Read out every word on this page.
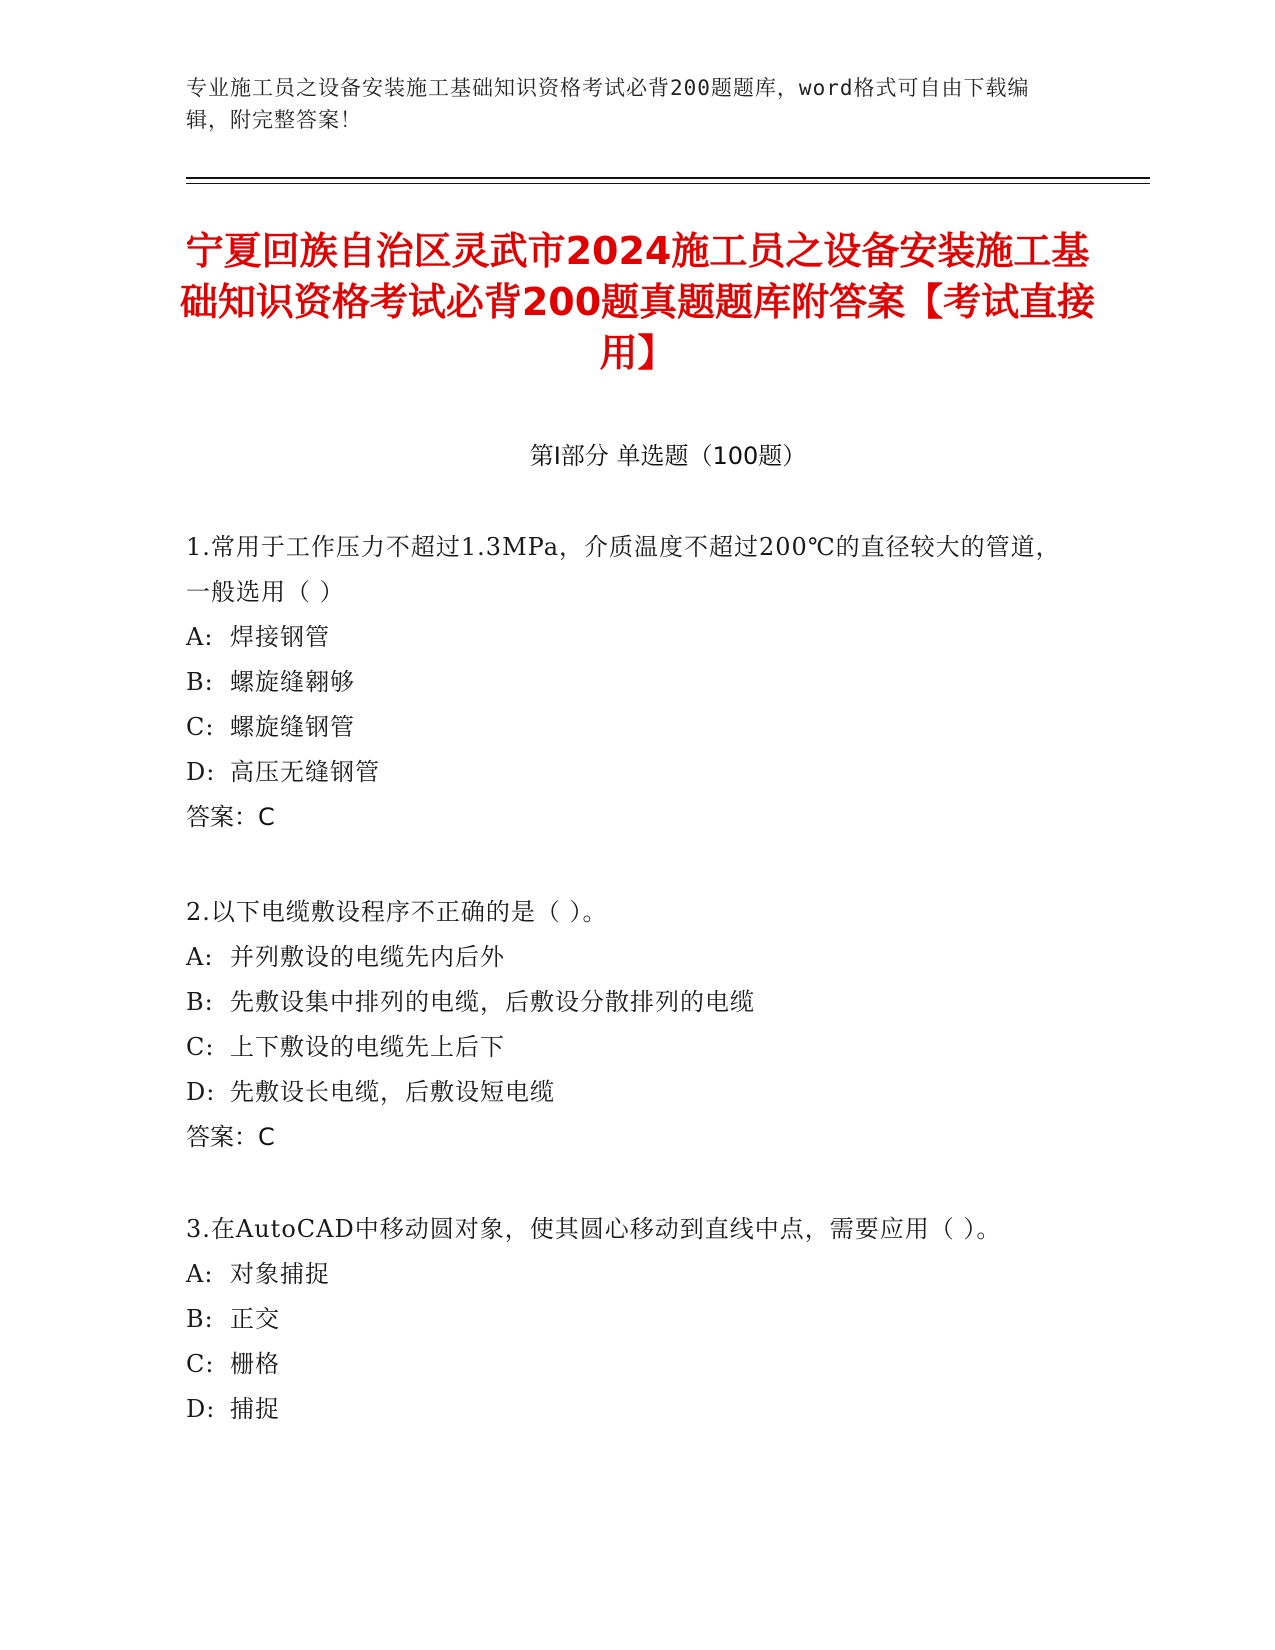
专业施工员之设备安装施工基础知识资格考试必背200题题库，word格式可自由下载编辑，附完整答案！
宁夏回族自治区灵武市2024施工员之设备安装施工基础知识资格考试必背200题真题题库附答案【考试直接用】
第Ⅰ部分 单选题（100题）

1.常用于工作压力不超过1.3MPa，介质温度不超过200℃的直径较大的管道，一般选用（ ）

A: 焊接钢管
B: 螺旋缝翱够
C: 螺旋缝钢管
D: 高压无缝钢管

答案：C

2.以下电缆敷设程序不正确的是（ ）。

A: 并列敷设的电缆先内后外
B: 先敷设集中排列的电缆，后敷设分散排列的电缆
C: 上下敷设的电缆先上后下
D: 先敷设长电缆，后敷设短电缆

答案：C

3.在AutoCAD中移动圆对象，使其圆心移动到直线中点，需要应用（ ）。

A: 对象捕捉
B: 正交
C: 栅格
D: 捕捉
